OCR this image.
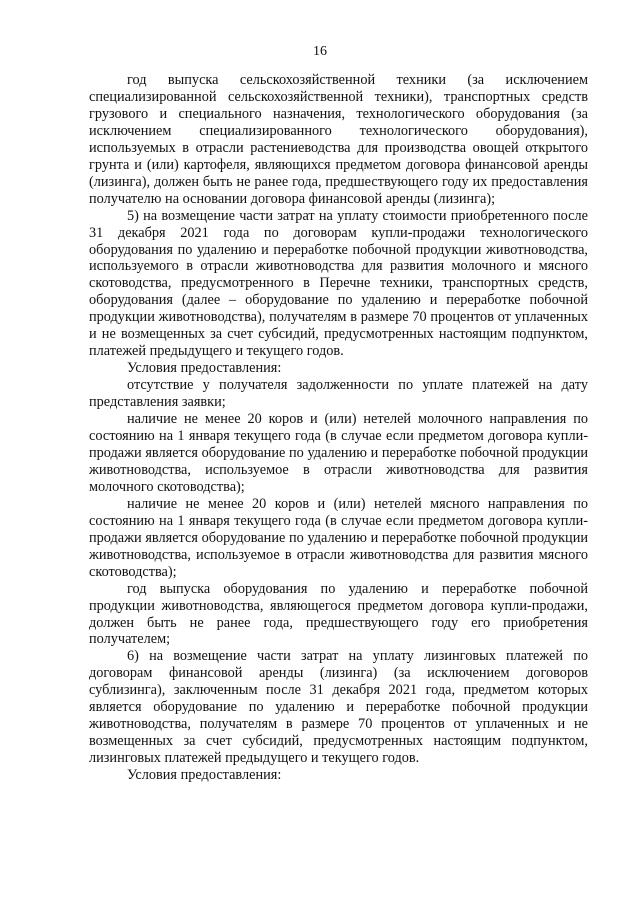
16

год выпуска сельскохозяйственной техники (за исключением специализированной сельскохозяйственной техники), транспортных средств грузового и специального назначения, технологического оборудования (за исключением специализированного технологического оборудования), используемых в отрасли растениеводства для производства овощей открытого грунта и (или) картофеля, являющихся предметом договора финансовой аренды (лизинга), должен быть не ранее года, предшествующего году их предоставления получателю на основании договора финансовой аренды (лизинга);

5) на возмещение части затрат на уплату стоимости приобретенного после 31 декабря 2021 года по договорам купли-продажи технологического оборудования по удалению и переработке побочной продукции животноводства, используемого в отрасли животноводства для развития молочного и мясного скотоводства, предусмотренного в Перечне техники, транспортных средств, оборудования (далее – оборудование по удалению и переработке побочной продукции животноводства), получателям в размере 70 процентов от уплаченных и не возмещенных за счет субсидий, предусмотренных настоящим подпунктом, платежей предыдущего и текущего годов.

Условия предоставления:

отсутствие у получателя задолженности по уплате платежей на дату представления заявки;

наличие не менее 20 коров и (или) нетелей молочного направления по состоянию на 1 января текущего года (в случае если предметом договора купли-продажи является оборудование по удалению и переработке побочной продукции животноводства, используемое в отрасли животноводства для развития молочного скотоводства);

наличие не менее 20 коров и (или) нетелей мясного направления по состоянию на 1 января текущего года (в случае если предметом договора купли-продажи является оборудование по удалению и переработке побочной продукции животноводства, используемое в отрасли животноводства для развития мясного скотоводства);

год выпуска оборудования по удалению и переработке побочной продукции животноводства, являющегося предметом договора купли-продажи, должен быть не ранее года, предшествующего году его приобретения получателем;

6) на возмещение части затрат на уплату лизинговых платежей по договорам финансовой аренды (лизинга) (за исключением договоров сублизинга), заключенным после 31 декабря 2021 года, предметом которых является оборудование по удалению и переработке побочной продукции животноводства, получателям в размере 70 процентов от уплаченных и не возмещенных за счет субсидий, предусмотренных настоящим подпунктом, лизинговых платежей предыдущего и текущего годов.

Условия предоставления:
